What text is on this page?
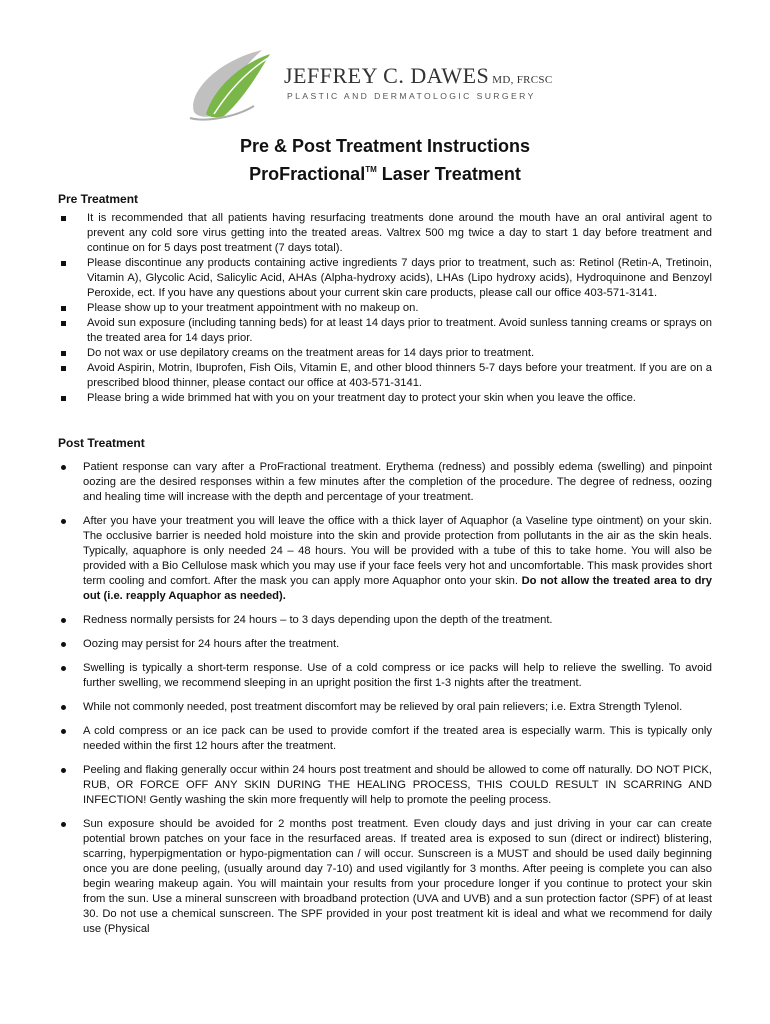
JEFFREY C. DAWES MD, FRCSC
PLASTIC AND DERMATOLOGIC SURGERY
Pre & Post Treatment Instructions
ProFractional™ Laser Treatment
Pre Treatment
It is recommended that all patients having resurfacing treatments done around the mouth have an oral antiviral agent to prevent any cold sore virus getting into the treated areas. Valtrex 500 mg twice a day to start 1 day before treatment and continue on for 5 days post treatment (7 days total).
Please discontinue any products containing active ingredients 7 days prior to treatment, such as: Retinol (Retin-A, Tretinoin, Vitamin A), Glycolic Acid, Salicylic Acid, AHAs (Alpha-hydroxy acids), LHAs (Lipo hydroxy acids), Hydroquinone and Benzoyl Peroxide, ect. If you have any questions about your current skin care products, please call our office 403-571-3141.
Please show up to your treatment appointment with no makeup on.
Avoid sun exposure (including tanning beds) for at least 14 days prior to treatment. Avoid sunless tanning creams or sprays on the treated area for 14 days prior.
Do not wax or use depilatory creams on the treatment areas for 14 days prior to treatment.
Avoid Aspirin, Motrin, Ibuprofen, Fish Oils, Vitamin E, and other blood thinners 5-7 days before your treatment. If you are on a prescribed blood thinner, please contact our office at 403-571-3141.
Please bring a wide brimmed hat with you on your treatment day to protect your skin when you leave the office.
Post Treatment
Patient response can vary after a ProFractional treatment. Erythema (redness) and possibly edema (swelling) and pinpoint oozing are the desired responses within a few minutes after the completion of the procedure. The degree of redness, oozing and healing time will increase with the depth and percentage of your treatment.
After you have your treatment you will leave the office with a thick layer of Aquaphor (a Vaseline type ointment) on your skin. The occlusive barrier is needed hold moisture into the skin and provide protection from pollutants in the air as the skin heals. Typically, aquaphore is only needed 24 – 48 hours. You will be provided with a tube of this to take home. You will also be provided with a Bio Cellulose mask which you may use if your face feels very hot and uncomfortable. This mask provides short term cooling and comfort. After the mask you can apply more Aquaphor onto your skin. Do not allow the treated area to dry out (i.e. reapply Aquaphor as needed).
Redness normally persists for 24 hours – to 3 days depending upon the depth of the treatment.
Oozing may persist for 24 hours after the treatment.
Swelling is typically a short-term response. Use of a cold compress or ice packs will help to relieve the swelling. To avoid further swelling, we recommend sleeping in an upright position the first 1-3 nights after the treatment.
While not commonly needed, post treatment discomfort may be relieved by oral pain relievers; i.e. Extra Strength Tylenol.
A cold compress or an ice pack can be used to provide comfort if the treated area is especially warm. This is typically only needed within the first 12 hours after the treatment.
Peeling and flaking generally occur within 24 hours post treatment and should be allowed to come off naturally. DO NOT PICK, RUB, OR FORCE OFF ANY SKIN DURING THE HEALING PROCESS, THIS COULD RESULT IN SCARRING AND INFECTION! Gently washing the skin more frequently will help to promote the peeling process.
Sun exposure should be avoided for 2 months post treatment. Even cloudy days and just driving in your car can create potential brown patches on your face in the resurfaced areas. If treated area is exposed to sun (direct or indirect) blistering, scarring, hyperpigmentation or hypo-pigmentation can / will occur. Sunscreen is a MUST and should be used daily beginning once you are done peeling, (usually around day 7-10) and used vigilantly for 3 months. After peeing is complete you can also begin wearing makeup again. You will maintain your results from your procedure longer if you continue to protect your skin from the sun. Use a mineral sunscreen with broadband protection (UVA and UVB) and a sun protection factor (SPF) of at least 30. Do not use a chemical sunscreen. The SPF provided in your post treatment kit is ideal and what we recommend for daily use (Physical
